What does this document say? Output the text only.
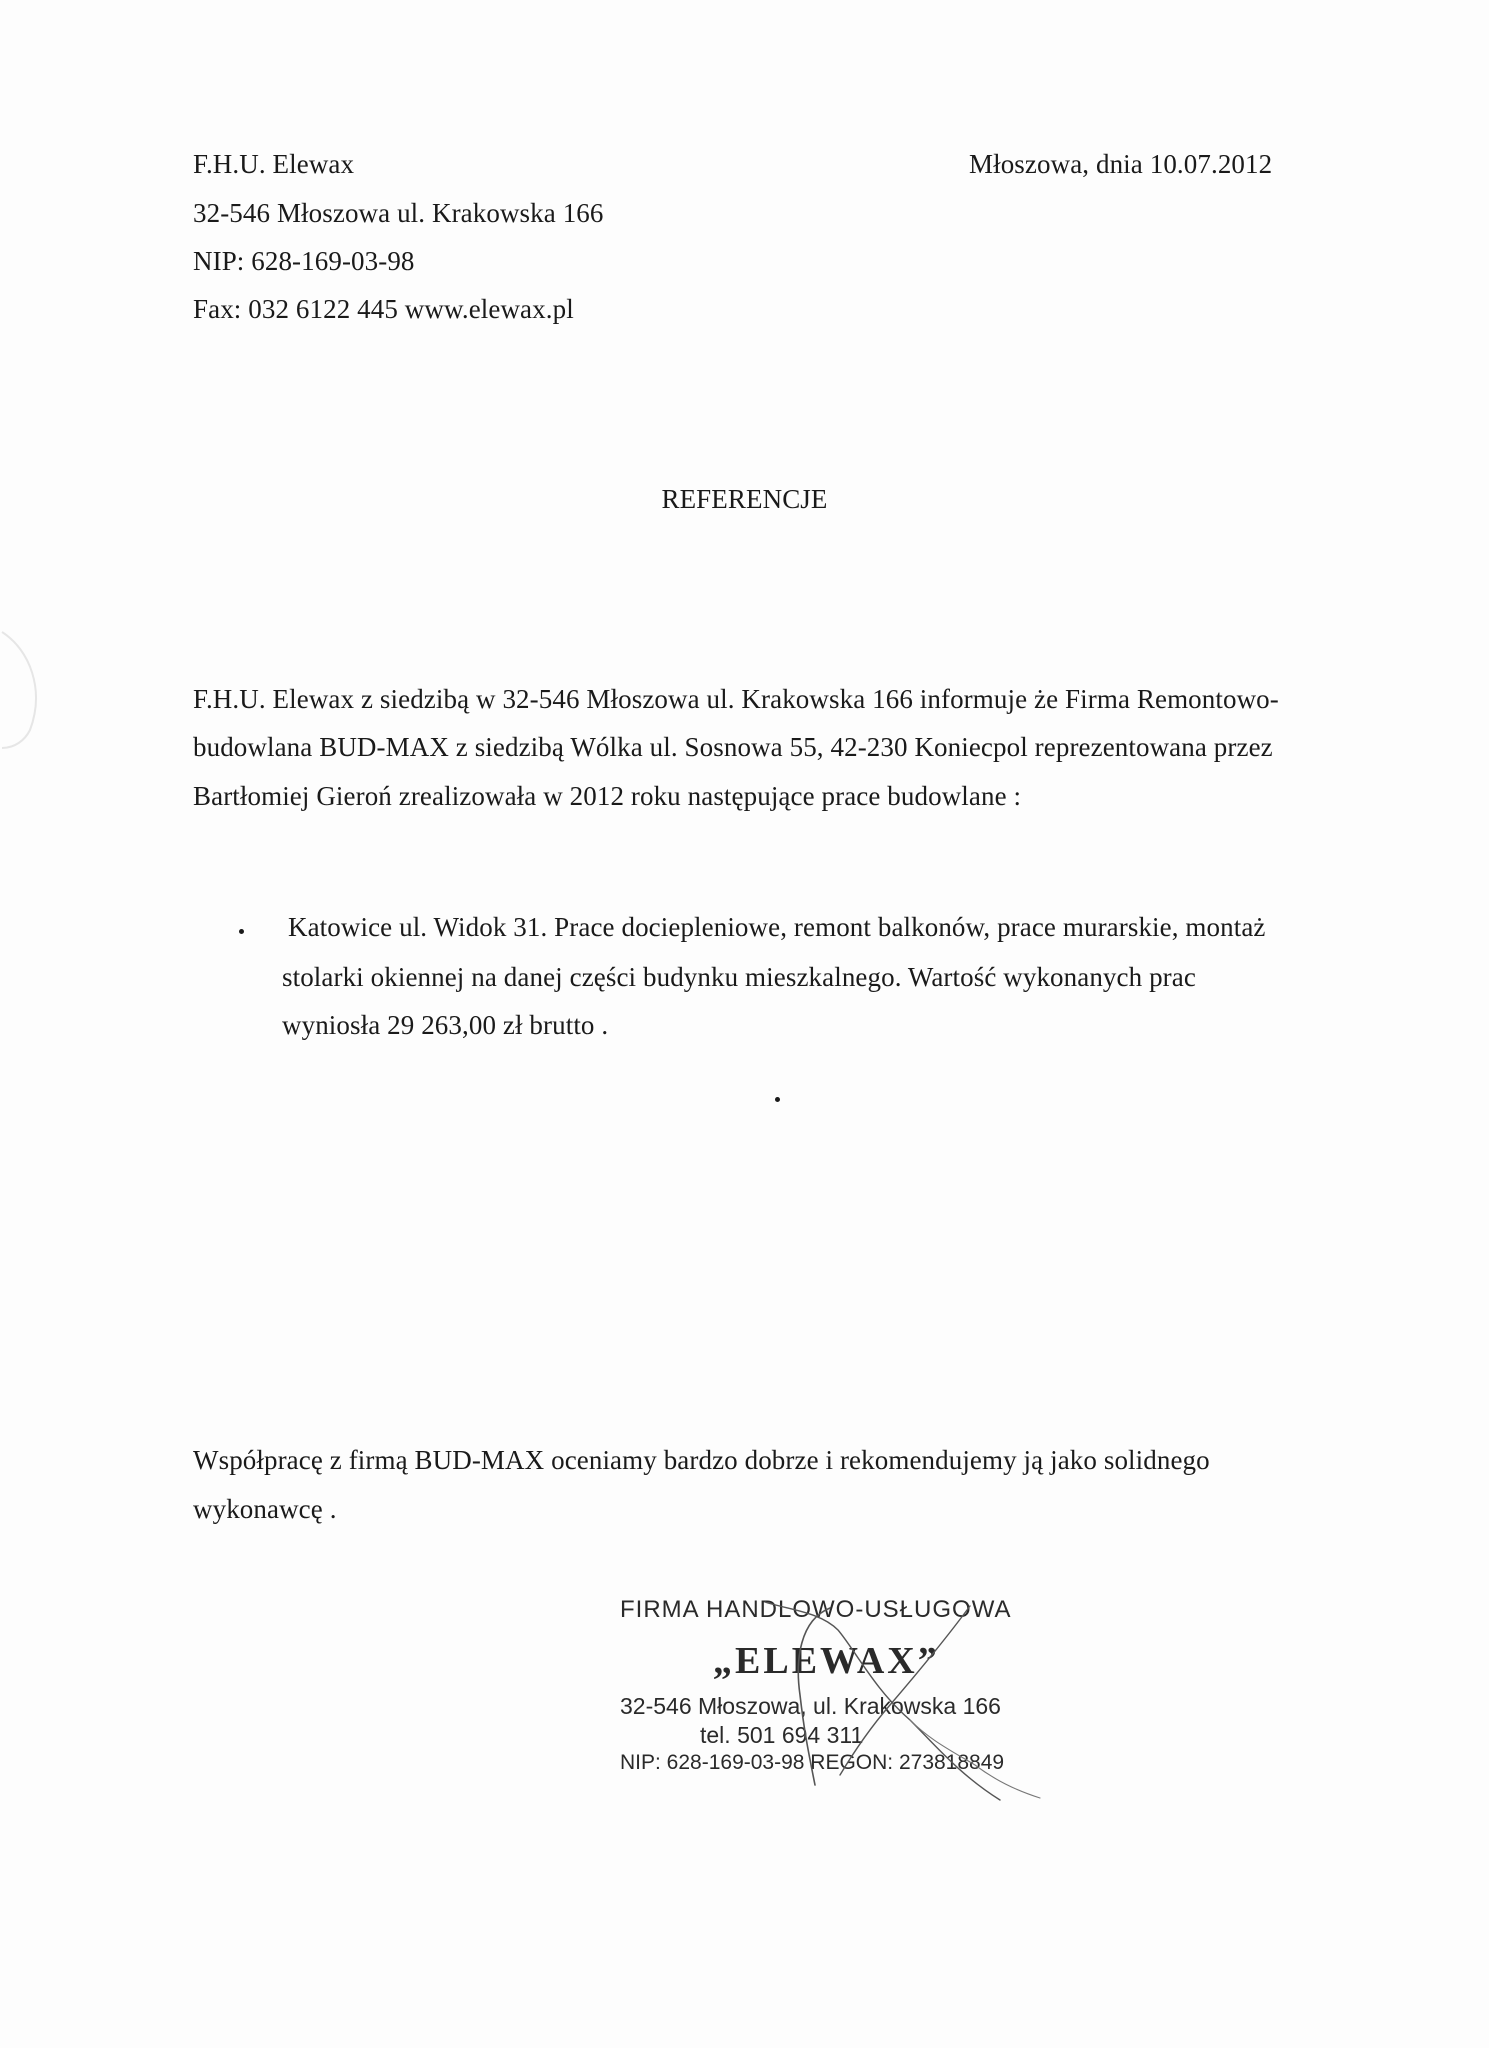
F.H.U. Elewax
32-546 Młoszowa ul. Krakowska 166
NIP: 628-169-03-98
Fax: 032 6122 445 www.elewax.pl
Młoszowa, dnia 10.07.2012
REFERENCJE
F.H.U. Elewax z siedzibą w 32-546 Młoszowa ul. Krakowska 166 informuje że Firma Remontowo-
budowlana BUD-MAX z siedzibą Wólka ul. Sosnowa 55, 42-230 Koniecpol reprezentowana przez
Bartłomiej Gieroń zrealizowała w 2012 roku następujące prace budowlane :
Katowice ul. Widok 31. Prace dociepleniowe, remont balkonów, prace murarskie, montaż
stolarki okiennej na danej części budynku mieszkalnego. Wartość wykonanych prac
wyniosła 29 263,00 zł brutto .
Współpracę z firmą BUD-MAX oceniamy bardzo dobrze i rekomendujemy ją jako solidnego
wykonawcę .
FIRMA HANDLOWO-USŁUGOWA
„ELEWAX”
32-546 Młoszowa, ul. Krakowska 166
tel. 501 694 311
NIP: 628-169-03-98 REGON: 273818849
